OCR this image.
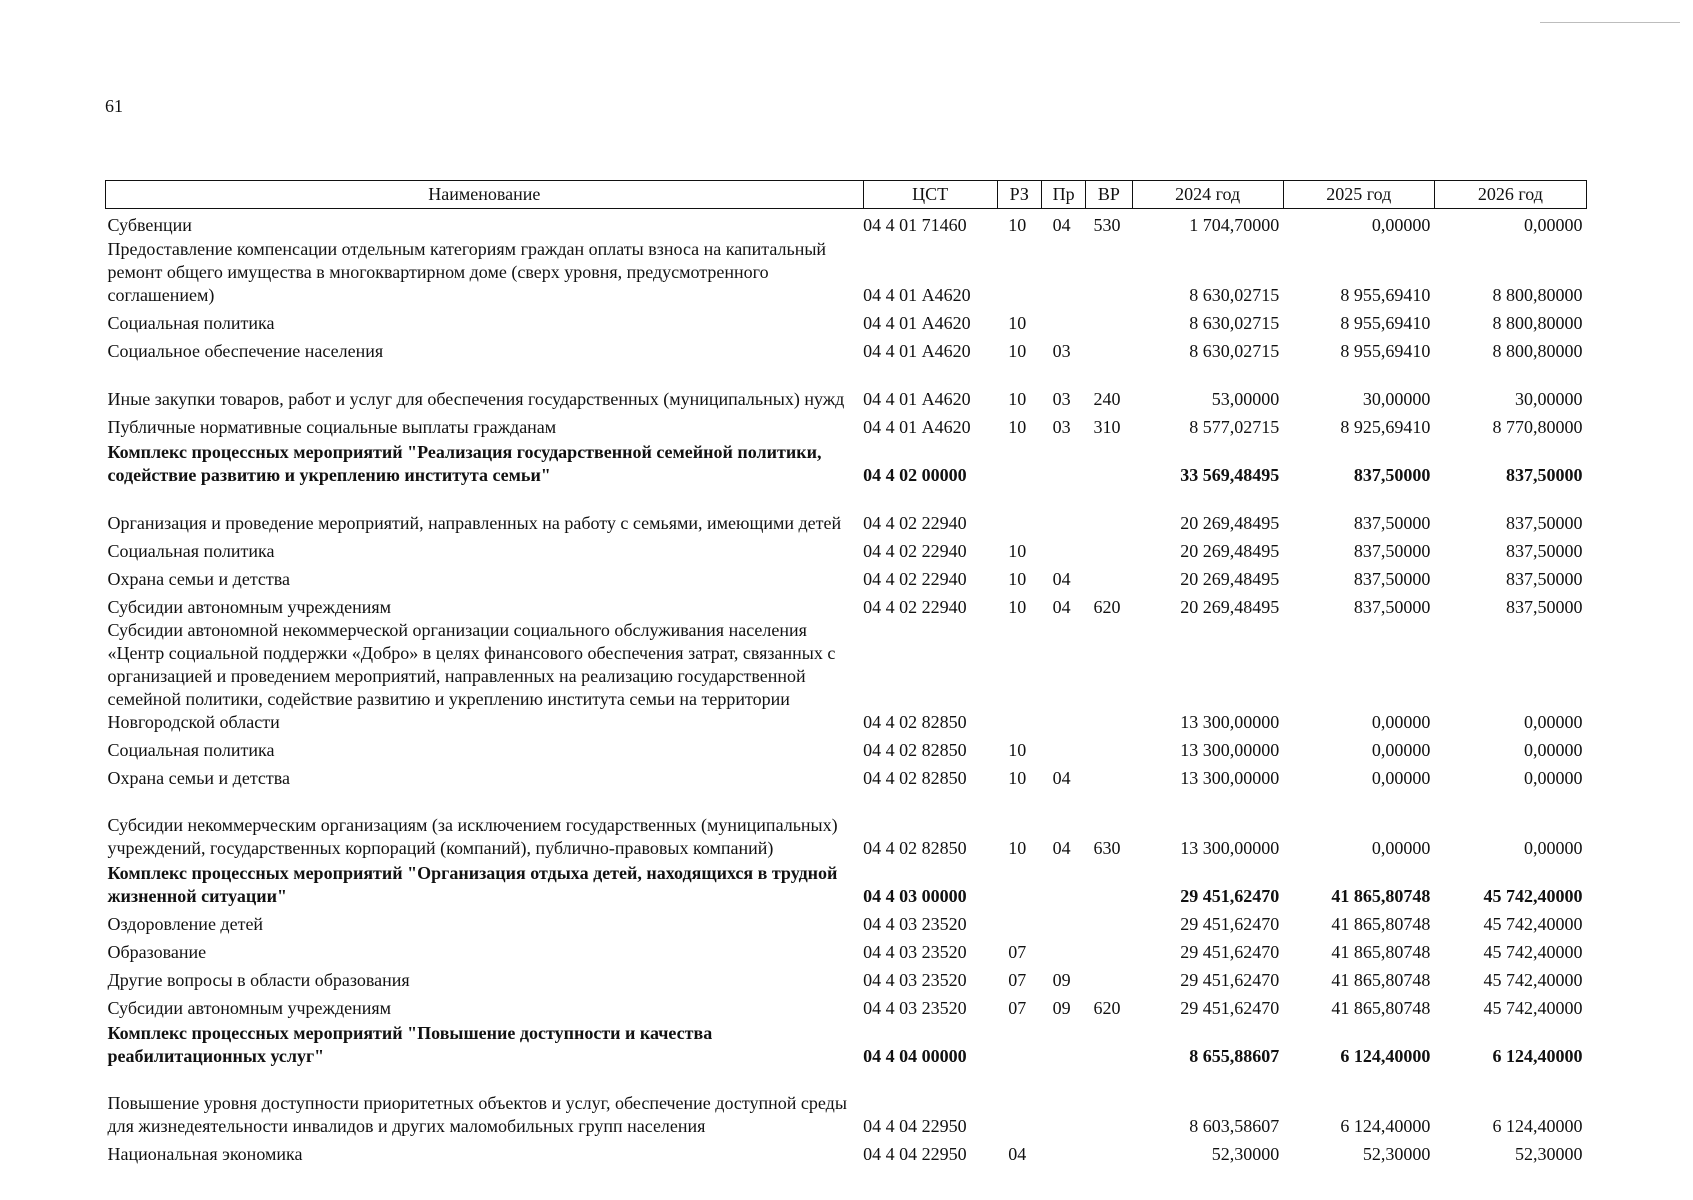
61
Наименование	ЦСТ	РЗ	Пр	ВР	2024 год	2025 год	2026 год
Субвенции	04 4 01 71460	10	04	530	1 704,70000	0,00000	0,00000
Предоставление компенсации отдельным категориям граждан оплаты взноса на капитальный ремонт общего имущества в многоквартирном доме (сверх уровня, предусмотренного соглашением)	04 4 01 А4620				8 630,02715	8 955,69410	8 800,80000
Социальная политика	04 4 01 А4620	10			8 630,02715	8 955,69410	8 800,80000
Социальное обеспечение населения	04 4 01 А4620	10	03		8 630,02715	8 955,69410	8 800,80000
Иные закупки товаров, работ и услуг для обеспечения государственных (муниципальных) нужд	04 4 01 А4620	10	03	240	53,00000	30,00000	30,00000
Публичные нормативные социальные выплаты гражданам	04 4 01 А4620	10	03	310	8 577,02715	8 925,69410	8 770,80000
Комплекс процессных мероприятий "Реализация государственной семейной политики, содействие развитию и укреплению института семьи"	04 4 02 00000				33 569,48495	837,50000	837,50000
Организация и проведение мероприятий, направленных на работу с семьями, имеющими детей	04 4 02 22940				20 269,48495	837,50000	837,50000
Социальная политика	04 4 02 22940	10			20 269,48495	837,50000	837,50000
Охрана семьи и детства	04 4 02 22940	10	04		20 269,48495	837,50000	837,50000
Субсидии автономным учреждениям	04 4 02 22940	10	04	620	20 269,48495	837,50000	837,50000
Субсидии автономной некоммерческой организации социального обслуживания населения «Центр социальной поддержки «Добро» в целях финансового обеспечения затрат, связанных с организацией и проведением мероприятий, направленных на реализацию государственной семейной политики, содействие развитию и укреплению института семьи на территории Новгородской области	04 4 02 82850				13 300,00000	0,00000	0,00000
Социальная политика	04 4 02 82850	10			13 300,00000	0,00000	0,00000
Охрана семьи и детства	04 4 02 82850	10	04		13 300,00000	0,00000	0,00000
Субсидии некоммерческим организациям (за исключением государственных (муниципальных) учреждений, государственных корпораций (компаний), публично-правовых компаний)	04 4 02 82850	10	04	630	13 300,00000	0,00000	0,00000
Комплекс процессных мероприятий "Организация отдыха детей, находящихся в трудной жизненной ситуации"	04 4 03 00000				29 451,62470	41 865,80748	45 742,40000
Оздоровление детей	04 4 03 23520				29 451,62470	41 865,80748	45 742,40000
Образование	04 4 03 23520	07			29 451,62470	41 865,80748	45 742,40000
Другие вопросы в области образования	04 4 03 23520	07	09		29 451,62470	41 865,80748	45 742,40000
Субсидии автономным учреждениям	04 4 03 23520	07	09	620	29 451,62470	41 865,80748	45 742,40000
Комплекс процессных мероприятий "Повышение доступности и качества реабилитационных услуг"	04 4 04 00000				8 655,88607	6 124,40000	6 124,40000
Повышение уровня доступности приоритетных объектов и услуг, обеспечение доступной среды для жизнедеятельности инвалидов и других маломобильных групп населения	04 4 04 22950				8 603,58607	6 124,40000	6 124,40000
Национальная экономика	04 4 04 22950	04			52,30000	52,30000	52,30000
